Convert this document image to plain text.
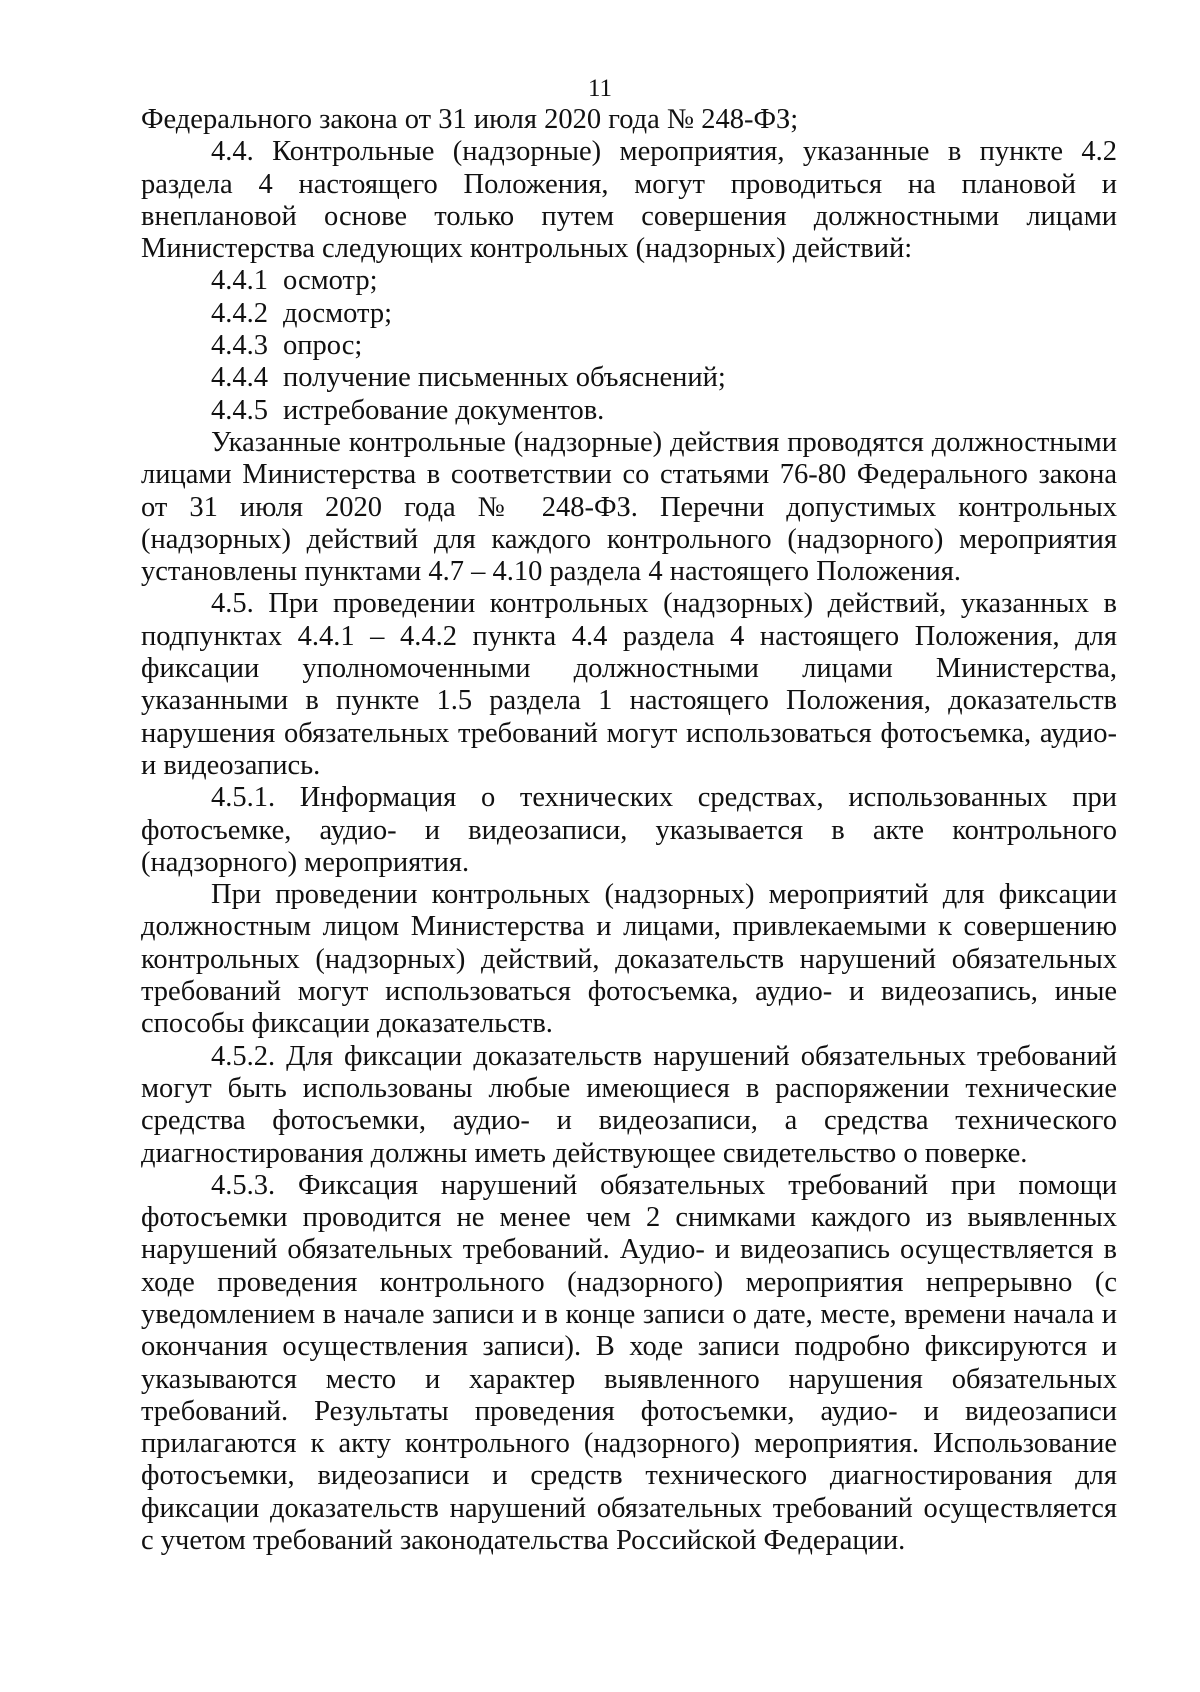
11

Федерального закона от 31 июля 2020 года № 248-ФЗ;

4.4. Контрольные (надзорные) мероприятия, указанные в пункте 4.2 раздела 4 настоящего Положения, могут проводиться на плановой и внеплановой основе только путем совершения должностными лицами Министерства следующих контрольных (надзорных) действий:

4.4.1 осмотр;

4.4.2 досмотр;

4.4.3 опрос;

4.4.4 получение письменных объяснений;

4.4.5 истребование документов.

Указанные контрольные (надзорные) действия проводятся должностными лицами Министерства в соответствии со статьями 76-80 Федерального закона от 31 июля 2020 года № 248-ФЗ. Перечни допустимых контрольных (надзорных) действий для каждого контрольного (надзорного) мероприятия установлены пунктами 4.7 – 4.10 раздела 4 настоящего Положения.

4.5. При проведении контрольных (надзорных) действий, указанных в подпунктах 4.4.1 – 4.4.2 пункта 4.4 раздела 4 настоящего Положения, для фиксации уполномоченными должностными лицами Министерства, указанными в пункте 1.5 раздела 1 настоящего Положения, доказательств нарушения обязательных требований могут использоваться фотосъемка, аудио- и видеозапись.

4.5.1. Информация о технических средствах, использованных при фотосъемке, аудио- и видеозаписи, указывается в акте контрольного (надзорного) мероприятия.

При проведении контрольных (надзорных) мероприятий для фиксации должностным лицом Министерства и лицами, привлекаемыми к совершению контрольных (надзорных) действий, доказательств нарушений обязательных требований могут использоваться фотосъемка, аудио- и видеозапись, иные способы фиксации доказательств.

4.5.2. Для фиксации доказательств нарушений обязательных требований могут быть использованы любые имеющиеся в распоряжении технические средства фотосъемки, аудио- и видеозаписи, а средства технического диагностирования должны иметь действующее свидетельство о поверке.

4.5.3. Фиксация нарушений обязательных требований при помощи фотосъемки проводится не менее чем 2 снимками каждого из выявленных нарушений обязательных требований. Аудио- и видеозапись осуществляется в ходе проведения контрольного (надзорного) мероприятия непрерывно (с уведомлением в начале записи и в конце записи о дате, месте, времени начала и окончания осуществления записи). В ходе записи подробно фиксируются и указываются место и характер выявленного нарушения обязательных требований. Результаты проведения фотосъемки, аудио- и видеозаписи прилагаются к акту контрольного (надзорного) мероприятия. Использование фотосъемки, видеозаписи и средств технического диагностирования для фиксации доказательств нарушений обязательных требований осуществляется с учетом требований законодательства Российской Федерации.
